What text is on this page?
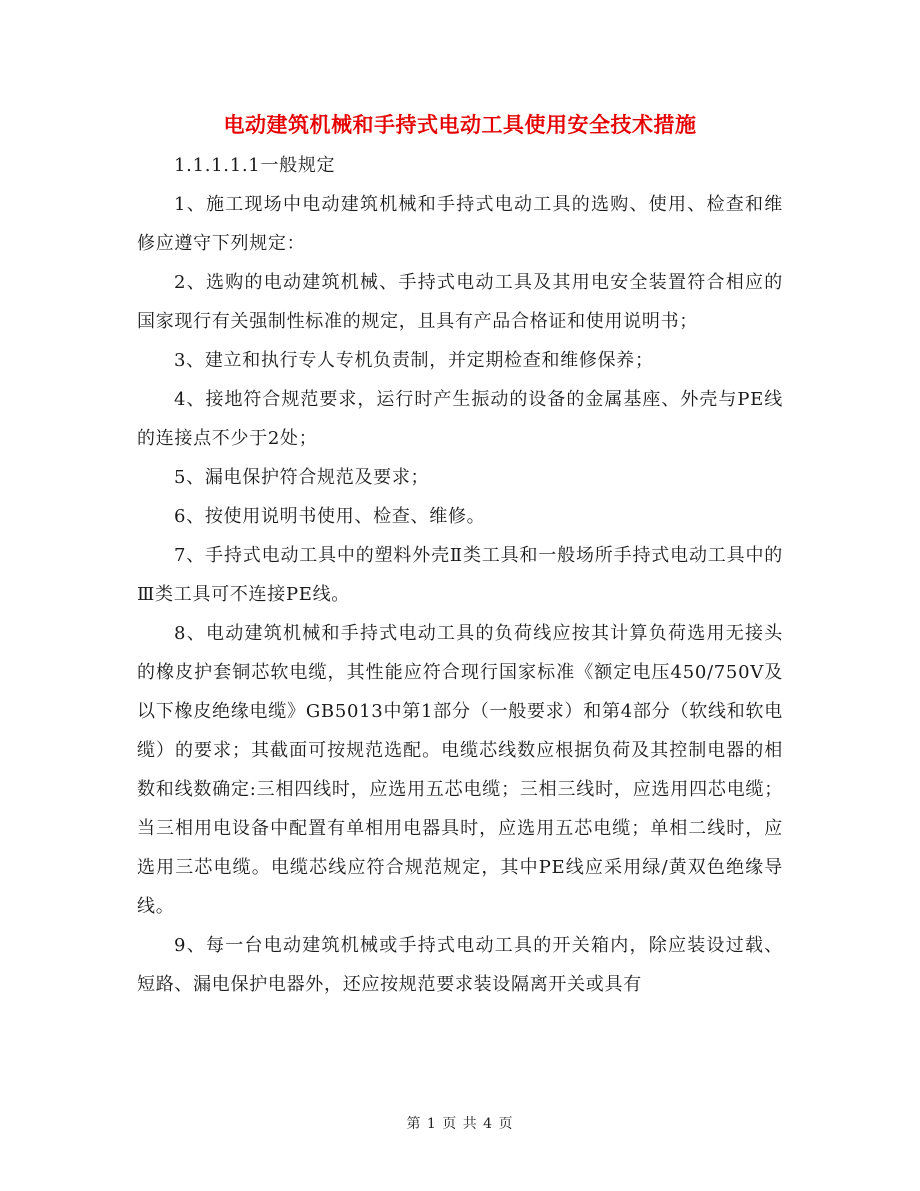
电动建筑机械和手持式电动工具使用安全技术措施

1.1.1.1.1一般规定

1、施工现场中电动建筑机械和手持式电动工具的选购、使用、检查和维修应遵守下列规定：

2、选购的电动建筑机械、手持式电动工具及其用电安全装置符合相应的国家现行有关强制性标准的规定，且具有产品合格证和使用说明书；

3、建立和执行专人专机负责制，并定期检查和维修保养；

4、接地符合规范要求，运行时产生振动的设备的金属基座、外壳与PE线的连接点不少于2处；

5、漏电保护符合规范及要求；

6、按使用说明书使用、检查、维修。

7、手持式电动工具中的塑料外壳Ⅱ类工具和一般场所手持式电动工具中的Ⅲ类工具可不连接PE线。

8、电动建筑机械和手持式电动工具的负荷线应按其计算负荷选用无接头的橡皮护套铜芯软电缆，其性能应符合现行国家标准《额定电压450/750V及以下橡皮绝缘电缆》GB5013中第1部分（一般要求）和第4部分（软线和软电缆）的要求；其截面可按规范选配。电缆芯线数应根据负荷及其控制电器的相数和线数确定:三相四线时，应选用五芯电缆；三相三线时，应选用四芯电缆；当三相用电设备中配置有单相用电器具时，应选用五芯电缆；单相二线时，应选用三芯电缆。电缆芯线应符合规范规定，其中PE线应采用绿/黄双色绝缘导线。

9、每一台电动建筑机械或手持式电动工具的开关箱内，除应装设过载、短路、漏电保护电器外，还应按规范要求装设隔离开关或具有

第 1 页 共 4 页
